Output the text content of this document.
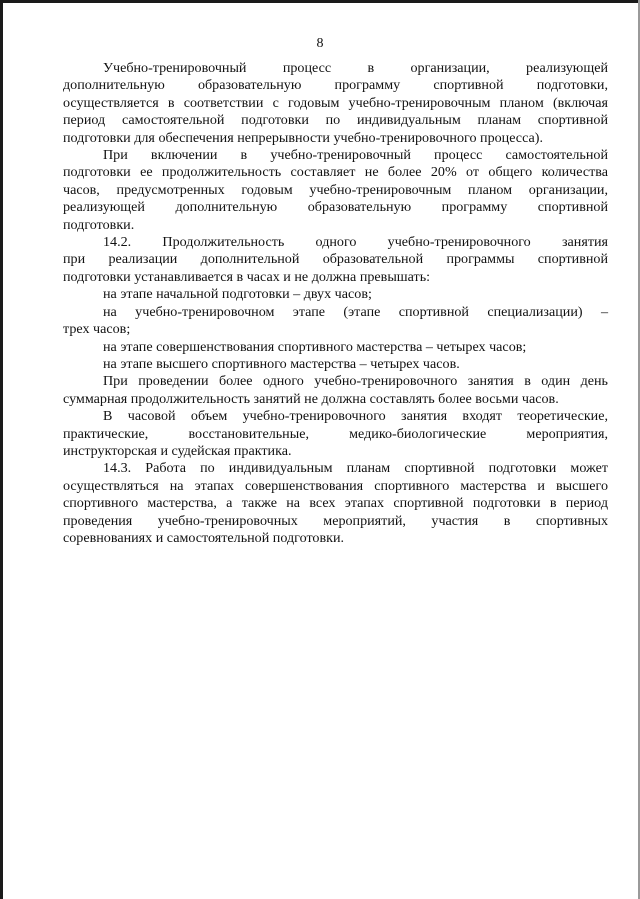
8
Учебно-тренировочный процесс в организации, реализующей
дополнительную образовательную программу спортивной подготовки,
осуществляется в соответствии с годовым учебно-тренировочным планом (включая
период самостоятельной подготовки по индивидуальным планам спортивной
подготовки для обеспечения непрерывности учебно-тренировочного процесса).
При включении в учебно-тренировочный процесс самостоятельной
подготовки ее продолжительность составляет не более 20% от общего количества
часов, предусмотренных годовым учебно-тренировочным планом организации,
реализующей дополнительную образовательную программу спортивной
подготовки.
14.2. Продолжительность одного учебно-тренировочного занятия
при реализации дополнительной образовательной программы спортивной
подготовки устанавливается в часах и не должна превышать:
на этапе начальной подготовки – двух часов;
на учебно-тренировочном этапе (этапе спортивной специализации) –
трех часов;
на этапе совершенствования спортивного мастерства – четырех часов;
на этапе высшего спортивного мастерства – четырех часов.
При проведении более одного учебно-тренировочного занятия в один день
суммарная продолжительность занятий не должна составлять более восьми часов.
В часовой объем учебно-тренировочного занятия входят теоретические,
практические, восстановительные, медико-биологические мероприятия,
инструкторская и судейская практика.
14.3. Работа по индивидуальным планам спортивной подготовки может
осуществляться на этапах совершенствования спортивного мастерства и высшего
спортивного мастерства, а также на всех этапах спортивной подготовки в период
проведения учебно-тренировочных мероприятий, участия в спортивных
соревнованиях и самостоятельной подготовки.
